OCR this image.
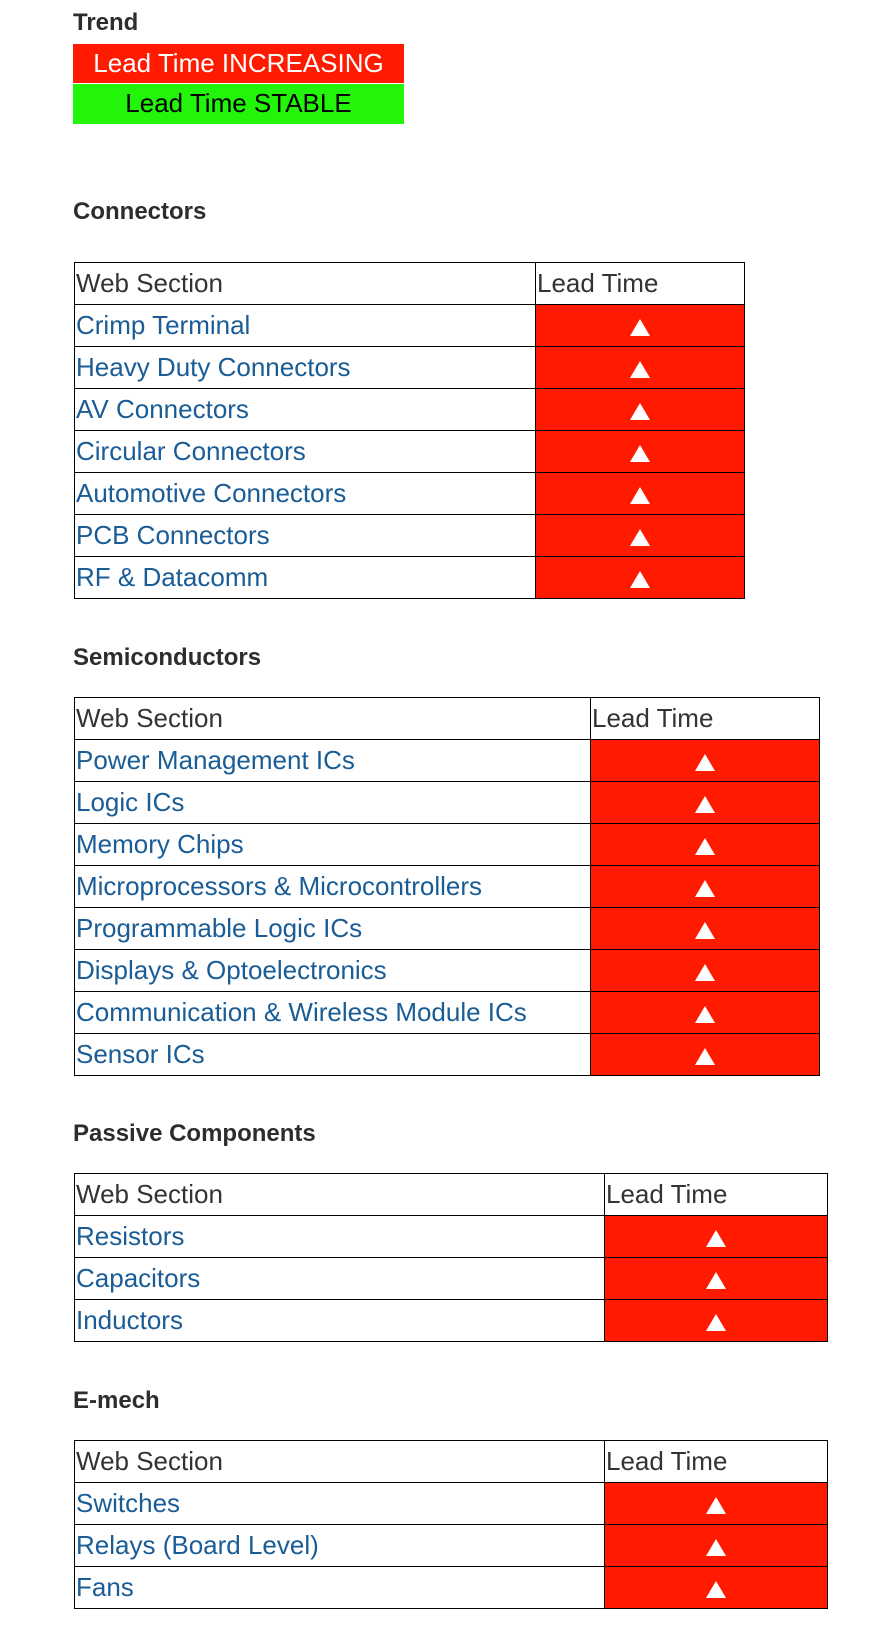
Trend
Lead Time INCREASING
Lead Time STABLE
Connectors
Web Section	Lead Time
Crimp Terminal	
Heavy Duty Connectors	
AV Connectors	
Circular Connectors	
Automotive Connectors	
PCB Connectors	
RF & Datacomm	
Semiconductors
Web Section	Lead Time
Power Management ICs	
Logic ICs	
Memory Chips	
Microprocessors & Microcontrollers	
Programmable Logic ICs	
Displays & Optoelectronics	
Communication & Wireless Module ICs	
Sensor ICs	
Passive Components
Web Section	Lead Time
Resistors	
Capacitors	
Inductors	
E-mech
Web Section	Lead Time
Switches	
Relays (Board Level)	
Fans	
